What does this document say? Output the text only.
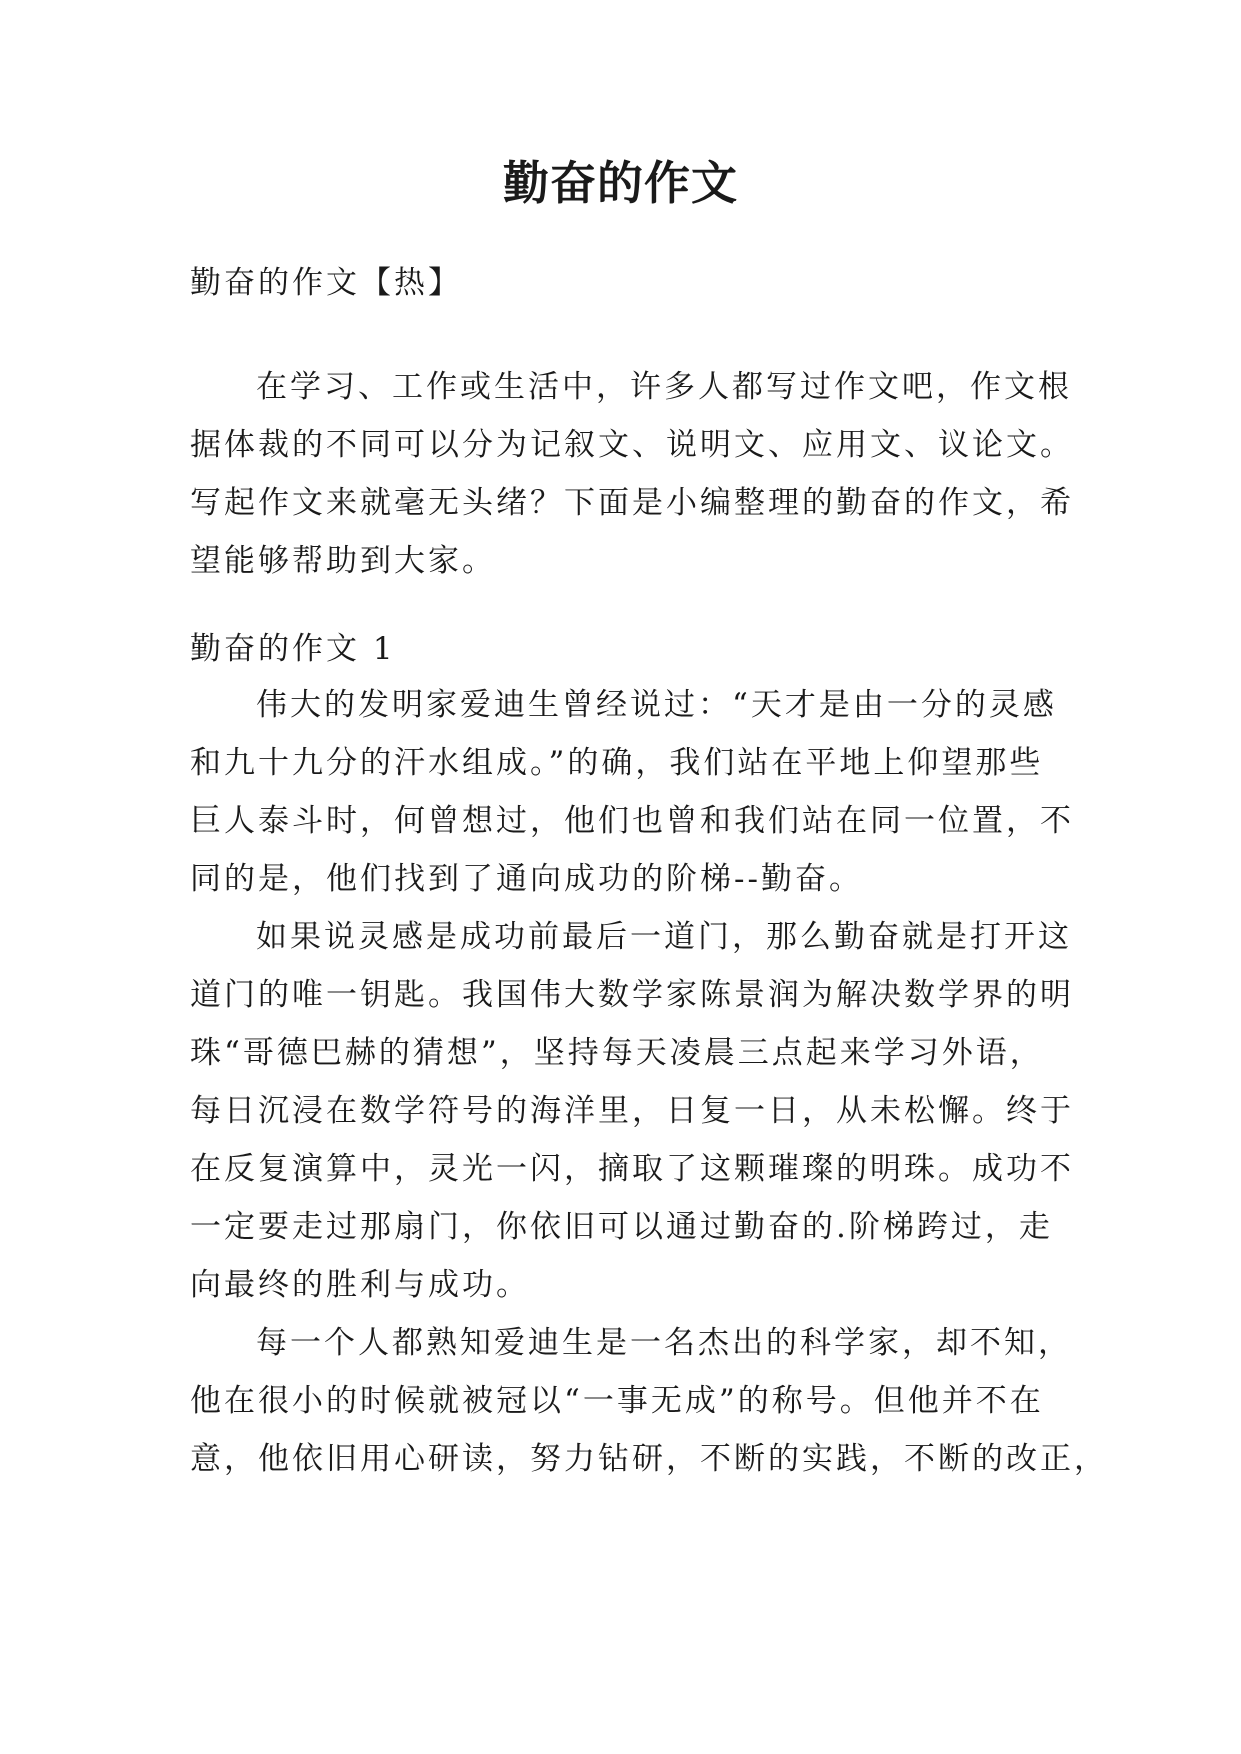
勤奋的作文
勤奋的作文【热】
在学习、工作或生活中，许多人都写过作文吧，作文根
据体裁的不同可以分为记叙文、说明文、应用文、议论文。
写起作文来就毫无头绪？下面是小编整理的勤奋的作文，希
望能够帮助到大家。
勤奋的作文 1
伟大的发明家爱迪生曾经说过：“天才是由一分的灵感
和九十九分的汗水组成。”的确，我们站在平地上仰望那些
巨人泰斗时，何曾想过，他们也曾和我们站在同一位置，不
同的是，他们找到了通向成功的阶梯--勤奋。
如果说灵感是成功前最后一道门，那么勤奋就是打开这
道门的唯一钥匙。我国伟大数学家陈景润为解决数学界的明
珠“哥德巴赫的猜想”，坚持每天凌晨三点起来学习外语，
每日沉浸在数学符号的海洋里，日复一日，从未松懈。终于
在反复演算中，灵光一闪，摘取了这颗璀璨的明珠。成功不
一定要走过那扇门，你依旧可以通过勤奋的.阶梯跨过，走
向最终的胜利与成功。
每一个人都熟知爱迪生是一名杰出的科学家，却不知，
他在很小的时候就被冠以“一事无成”的称号。但他并不在
意，他依旧用心研读，努力钻研，不断的实践，不断的改正，
